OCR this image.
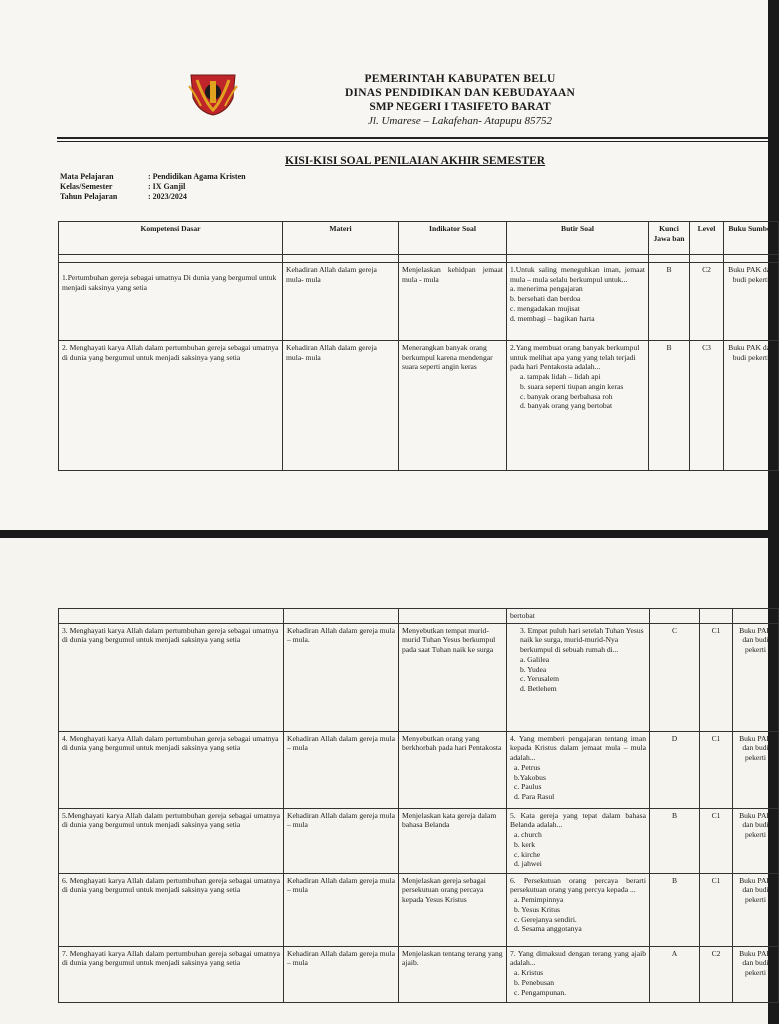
PEMERINTAH KABUPATEN BELU
DINAS PENDIDIKAN DAN KEBUDAYAAN
SMP NEGERI I TASIFETO BARAT
Jl. Umarese – Lakafehan- Atapupu 85752
KISI-KISI SOAL PENILAIAN AKHIR SEMESTER
Mata Pelajaran	: Pendidikan Agama Kristen
Kelas/Semester	: IX Ganjil
Tahun Pelajaran	: 2023/2024
Kompetensi Dasar	Materi	Indikator Soal	Butir Soal	Kunci Jawa ban	Level	Buku Sumber

1.Pertumbuhan gereja sebagai umatnya Di dunia yang bergumul untuk menjadi saksinya yang setia	Kehadiran Allah dalam gereja mula- mula	Menjelaskan kehidpan jemaat mula - mula	1.Untuk saling meneguhkan iman, jemaat mula – mula selalu berkumpul untuk...
a. menerima pengajaran
b. bersehati dan berdoa
c. mengadakan mujisat
d. membagi – bagikan harta	B	C2	Buku PAK dan budi pekerti
2. Menghayati karya Allah dalam pertumbuhan gereja sebagai umatnya di dunia yang bergumul untuk menjadi saksinya yang setia	Kehadiran Allah dalam gereja mula- mula	Menerangkan banyak orang berkumpul karena mendengar suara seperti angin keras	2.Yang membuat orang banyak berkumpul untuk melihat apa yang yang telah terjadi pada hari Pentakosta adalah...
a. tampak lidah – lidah api
b. suara seperti tiupan angin keras
c. banyak orang berbahasa roh
d. banyak orang yang bertobat	B	C3	Buku PAK dan budi pekerti
			bertobat			
3. Menghayati karya Allah dalam pertumbuhan gereja sebagai umatnya di dunia yang bergumul untuk menjadi saksinya yang setia	Kehadiran Allah dalam gereja mula – mula.	Menyebutkan tempat murid-murid Tuhan Yesus berkumpul pada saat Tuhan naik ke surga	3. Empat puluh hari setelah Tuhan Yesus naik ke surga, murid-murid-Nya berkumpul di sebuah rumah di...
a. Galilea
b. Yudea
c. Yerusalem
d. Betlehem	C	C1	Buku PAK dan budi pekerti
4. Menghayati karya Allah dalam pertumbuhan gereja sebagai umatnya di dunia yang bergumul untuk menjadi saksinya yang setia	Kehadiran Allah dalam gereja mula – mula	Menyebutkan orang yang berkhorbah pada hari Pentakosta	4. Yang memberi pengajaran tentang iman kepada Kristus dalam jemaat mula – mula adalah...
a. Petrus
b.Yakobus
c. Paulus
d. Para Rasul	D	C1	Buku PAK dan budi pekerti
5.Menghayati karya Allah dalam pertumbuhan gereja sebagai umatnya di dunia yang bergumul untuk menjadi saksinya yang setia	Kehadiran Allah dalam gereja mula – mula	Menjelaskan kata gereja dalam bahasa Belanda	5. Kata gereja yang tepat dalam bahasa Belanda adalah...
a. church
b. kerk
c. kirche
d. jahwei	B	C1	Buku PAK dan budi pekerti
6. Menghayati karya Allah dalam pertumbuhan gereja sebagai umatnya di dunia yang bergumul untuk menjadi saksinya yang setia	Kehadiran Allah dalam gereja mula – mula	Menjelaskan gereja sebagai persekutuan orang percaya kepada Yesus Kristus	6. Persekutuan orang percaya berarti persekutuan orang yang percya kepada ...
a. Pemimpinnya
b. Yesus Kritus
c. Gerejanya sendiri.
d. Sesama anggotanya	B	C1	Buku PAK dan budi pekerti
7. Menghayati karya Allah dalam pertumbuhan gereja sebagai umatnya di dunia yang bergumul untuk menjadi saksinya yang setia	Kehadiran Allah dalam gereja mula – mula	Menjelaskan tentang terang yang ajaib.	7. Yang dimaksud dengan terang yang ajaib adalah...
a. Kristus
b. Penebusan
c. Pengampunan.	A	C2	Buku PAK dan budi pekerti
